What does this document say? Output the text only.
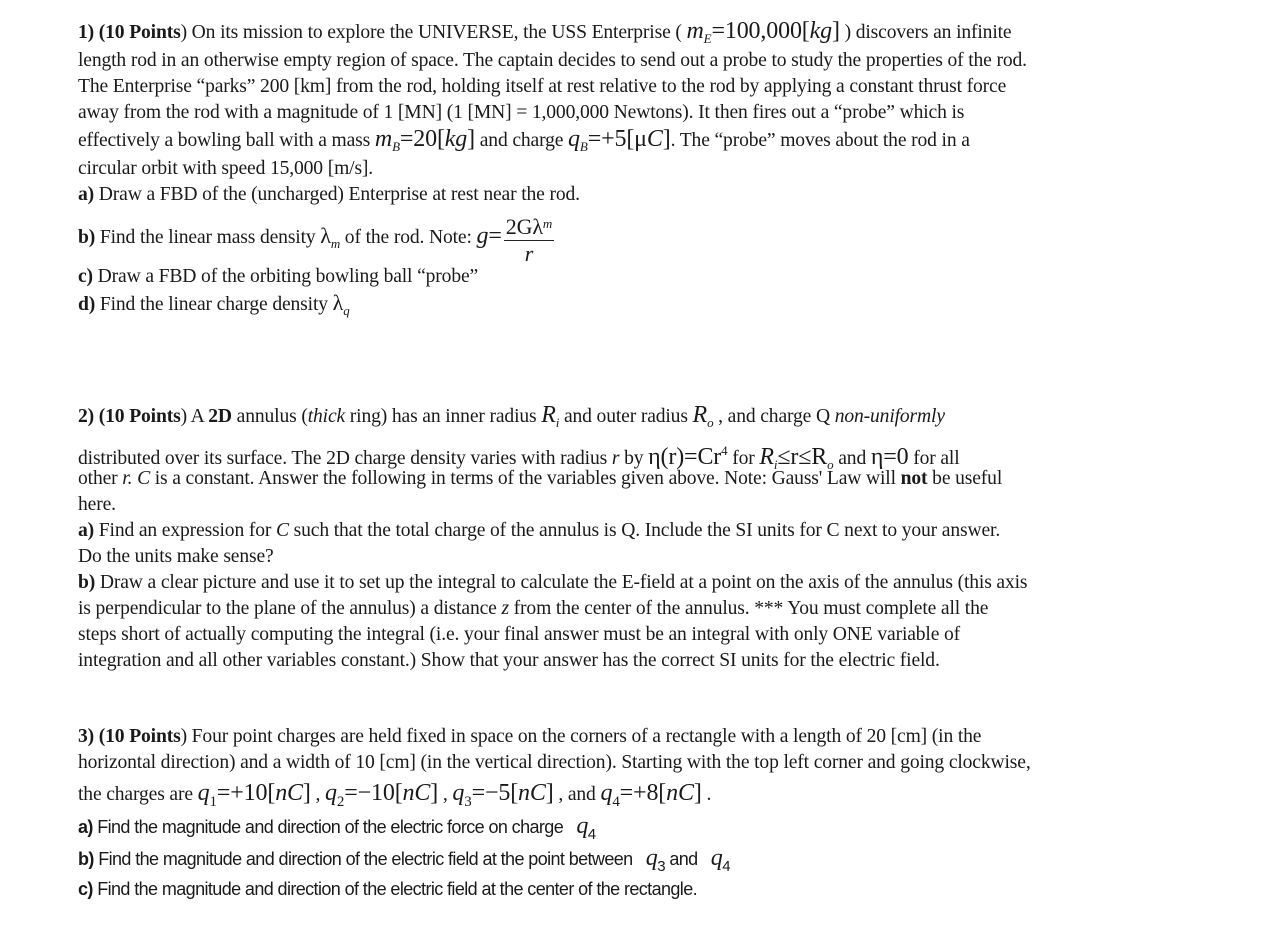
1) (10 Points) On its mission to explore the UNIVERSE, the USS Enterprise ( $m_E=100,000[kg]$ ) discovers an infinite
length rod in an otherwise empty region of space. The captain decides to send out a probe to study the properties of the rod.
The Enterprise “parks” 200 [km] from the rod, holding itself at rest relative to the rod by applying a constant thrust force
away from the rod with a magnitude of 1 [MN] (1 [MN] = 1,000,000 Newtons). It then fires out a “probe” which is
effectively a bowling ball with a mass $m_B=20[kg]$ and charge $q_B=+5[\mu C]$. The “probe” moves about the rod in a
circular orbit with speed 15,000 [m/s].
a) Draw a FBD of the (uncharged) Enterprise at rest near the rod.
b) Find the linear mass density $\lambda_m$ of the rod. Note: $g= \frac{2G\lambda^m}{r}$
c) Draw a FBD of the orbiting bowling ball “probe”
d) Find the linear charge density $\lambda_q$
2) (10 Points) A 2D annulus (thick ring) has an inner radius $R_i$ and outer radius $R_o$ , and charge Q non-uniformly
distributed over its surface. The 2D charge density varies with radius r by $\eta(r)=Cr^4$ for $R_i\le r\le R_o$ and η=0 for all
other r. C is a constant. Answer the following in terms of the variables given above. Note: Gauss' Law will not be useful
here.
a) Find an expression for C such that the total charge of the annulus is Q. Include the SI units for C next to your answer.
Do the units make sense?
b) Draw a clear picture and use it to set up the integral to calculate the E-field at a point on the axis of the annulus (this axis
is perpendicular to the plane of the annulus) a distance z from the center of the annulus. *** You must complete all the
steps short of actually computing the integral (i.e. your final answer must be an integral with only ONE variable of
integration and all other variables constant.) Show that your answer has the correct SI units for the electric field.
3) (10 Points) Four point charges are held fixed in space on the corners of a rectangle with a length of 20 [cm] (in the
horizontal direction) and a width of 10 [cm] (in the vertical direction). Starting with the top left corner and going clockwise,
the charges are $q_1=+10[nC]$ , $q_2=-10[nC]$ , $q_3=-5[nC]$ , and $q_4=+8[nC]$ .
a) Find the magnitude and direction of the electric force on charge   $q_4$
b) Find the magnitude and direction of the electric field at the point between   $q_3$ and   $q_4$
c) Find the magnitude and direction of the electric field at the center of the rectangle.
